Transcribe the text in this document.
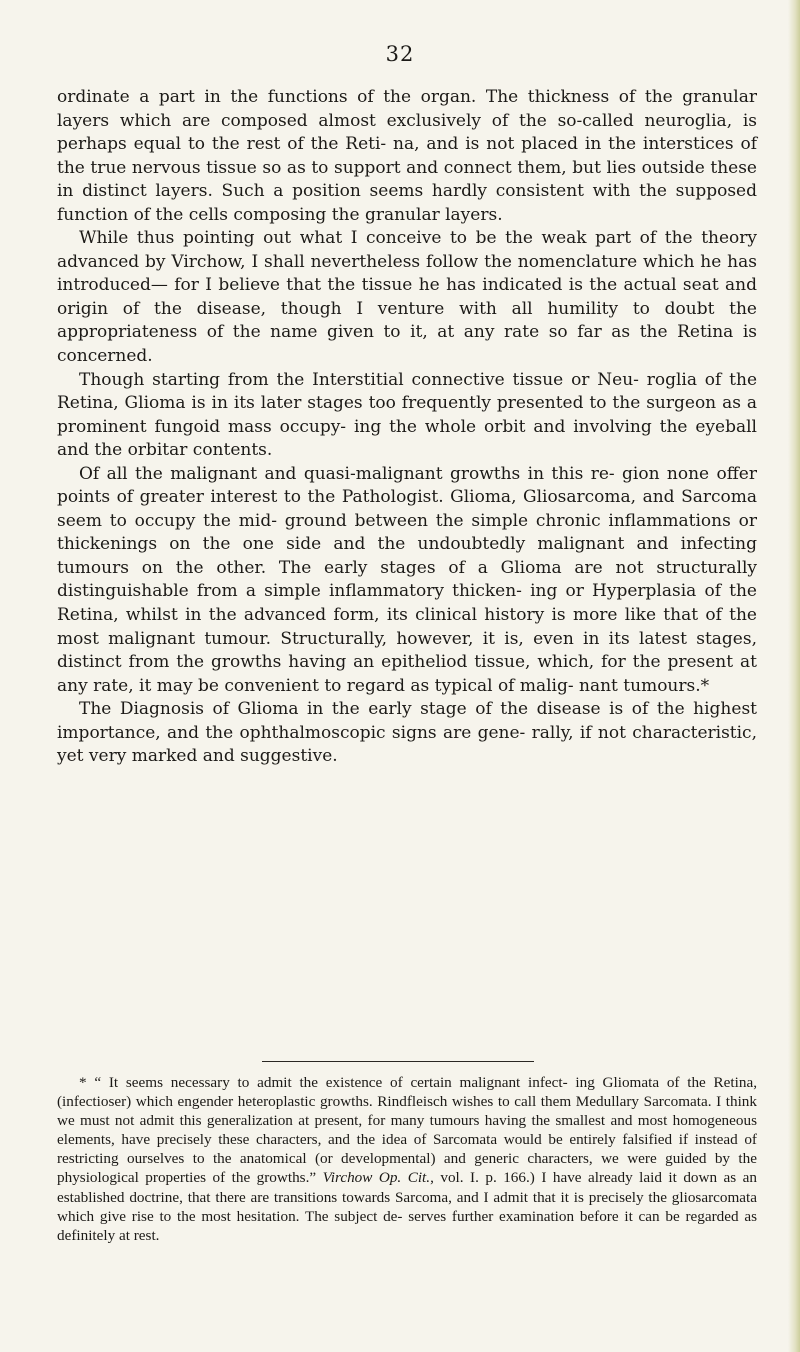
32

ordinate a part in the functions of the organ. The thickness of the granular layers which are composed almost exclusively of the so-called neuroglia, is perhaps equal to the rest of the Reti- na, and is not placed in the interstices of the true nervous tissue so as to support and connect them, but lies outside these in distinct layers. Such a position seems hardly consistent with the supposed function of the cells composing the granular layers.

While thus pointing out what I conceive to be the weak part of the theory advanced by Virchow, I shall nevertheless follow the nomenclature which he has introduced— for I believe that the tissue he has indicated is the actual seat and origin of the disease, though I venture with all humility to doubt the appropriateness of the name given to it, at any rate so far as the Retina is concerned.

Though starting from the Interstitial connective tissue or Neu- roglia of the Retina, Glioma is in its later stages too frequently presented to the surgeon as a prominent fungoid mass occupy- ing the whole orbit and involving the eyeball and the orbitar contents.

Of all the malignant and quasi-malignant growths in this re- gion none offer points of greater interest to the Pathologist. Glioma, Gliosarcoma, and Sarcoma seem to occupy the mid- ground between the simple chronic inflammations or thickenings on the one side and the undoubtedly malignant and infecting tumours on the other. The early stages of a Glioma are not structurally distinguishable from a simple inflammatory thicken- ing or Hyperplasia of the Retina, whilst in the advanced form, its clinical history is more like that of the most malignant tumour. Structurally, however, it is, even in its latest stages, distinct from the growths having an epitheliod tissue, which, for the present at any rate, it may be convenient to regard as typical of malig- nant tumours.*

The Diagnosis of Glioma in the early stage of the disease is of the highest importance, and the ophthalmoscopic signs are gene- rally, if not characteristic, yet very marked and suggestive.

* “ It seems necessary to admit the existence of certain malignant infect- ing Gliomata of the Retina, (infectioser) which engender heteroplastic growths. Rindfleisch wishes to call them Medullary Sarcomata. I think we must not admit this generalization at present, for many tumours having the smallest and most homogeneous elements, have precisely these characters, and the idea of Sarcomata would be entirely falsified if instead of restricting ourselves to the anatomical (or developmental) and generic characters, we were guided by the physiological properties of the growths.” Virchow Op. Cit., vol. I. p. 166.) I have already laid it down as an established doctrine, that there are transitions towards Sarcoma, and I admit that it is precisely the gliosarcomata which give rise to the most hesitation. The subject de- serves further examination before it can be regarded as definitely at rest.
